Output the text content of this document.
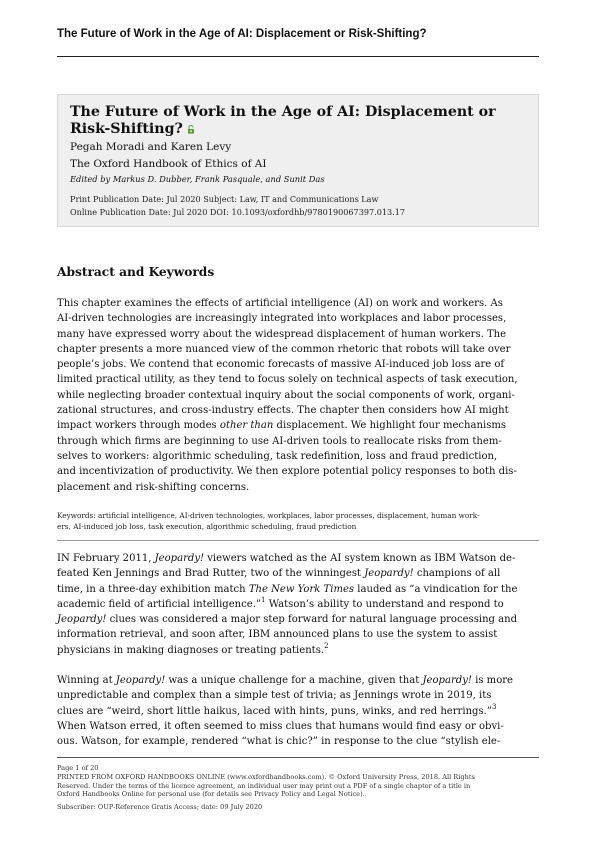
The Future of Work in the Age of AI: Displacement or Risk-Shifting?
The Future of Work in the Age of AI: Displacement or
Risk-Shifting?
Pegah Moradi and Karen Levy
The Oxford Handbook of Ethics of AI
Edited by Markus D. Dubber, Frank Pasquale, and Sunit Das
Print Publication Date: Jul 2020 Subject: Law, IT and Communications Law
Online Publication Date: Jul 2020 DOI: 10.1093/oxfordhb/9780190067397.013.17
Abstract and Keywords
This chapter examines the effects of artificial intelligence (AI) on work and workers. As
AI-driven technologies are increasingly integrated into workplaces and labor processes,
many have expressed worry about the widespread displacement of human workers. The
chapter presents a more nuanced view of the common rhetoric that robots will take over
people’s jobs. We contend that economic forecasts of massive AI-induced job loss are of
limited practical utility, as they tend to focus solely on technical aspects of task execution,
while neglecting broader contextual inquiry about the social components of work, organi-
zational structures, and cross-industry effects. The chapter then considers how AI might
impact workers through modes other than displacement. We highlight four mechanisms
through which firms are beginning to use AI-driven tools to reallocate risks from them-
selves to workers: algorithmic scheduling, task redefinition, loss and fraud prediction,
and incentivization of productivity. We then explore potential policy responses to both dis-
placement and risk-shifting concerns.
Keywords: artificial intelligence, AI-driven technologies, workplaces, labor processes, displacement, human work-
ers, AI-induced job loss, task execution, algorithmic scheduling, fraud prediction
IN February 2011, Jeopardy! viewers watched as the AI system known as IBM Watson de-
feated Ken Jennings and Brad Rutter, two of the winningest Jeopardy! champions of all
time, in a three-day exhibition match The New York Times lauded as “a vindication for the
academic field of artificial intelligence.”$^1$ Watson’s ability to understand and respond to
Jeopardy! clues was considered a major step forward for natural language processing and
information retrieval, and soon after, IBM announced plans to use the system to assist
physicians in making diagnoses or treating patients.$^2$
Winning at Jeopardy! was a unique challenge for a machine, given that Jeopardy! is more
unpredictable and complex than a simple test of trivia; as Jennings wrote in 2019, its
clues are “weird, short little haikus, laced with hints, puns, winks, and red herrings.”$^3$
When Watson erred, it often seemed to miss clues that humans would find easy or obvi-
ous. Watson, for example, rendered “what is chic?” in response to the clue “stylish ele-
Page 1 of 20
PRINTED FROM OXFORD HANDBOOKS ONLINE (www.oxfordhandbooks.com). © Oxford University Press, 2018. All Rights
Reserved. Under the terms of the licence agreement, an individual user may print out a PDF of a single chapter of a title in
Oxford Handbooks Online for personal use (for details see Privacy Policy and Legal Notice).
Subscriber: OUP-Reference Gratis Access; date: 09 July 2020
